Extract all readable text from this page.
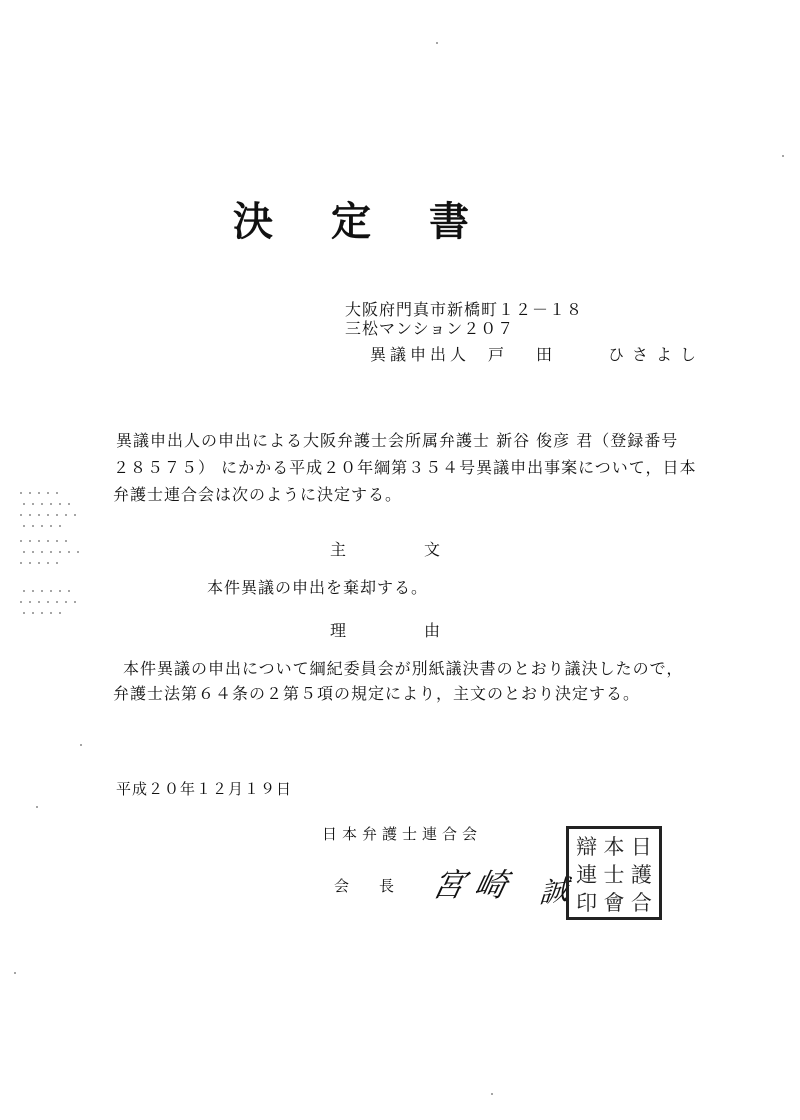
決定書
大阪府門真市新橋町１２－１８
三松マンション２０７
異議申出人 戸　田　　ひさよし
異議申出人の申出による大阪弁護士会所属弁護士 新谷 俊彦 君（登録番号
２８５７５） にかかる平成２０年綱第３５４号異議申出事案について，日本
弁護士連合会は次のように決定する。
主文
本件異議の申出を棄却する。
理由
本件異議の申出について綱紀委員会が別紙議決書のとおり議決したので，
弁護士法第６４条の２第５項の規定により，主文のとおり決定する。
平成２０年１２月１９日
日本弁護士連合会
会長 宮崎 誠
辯 本 日
連 士 護
印 會 合
